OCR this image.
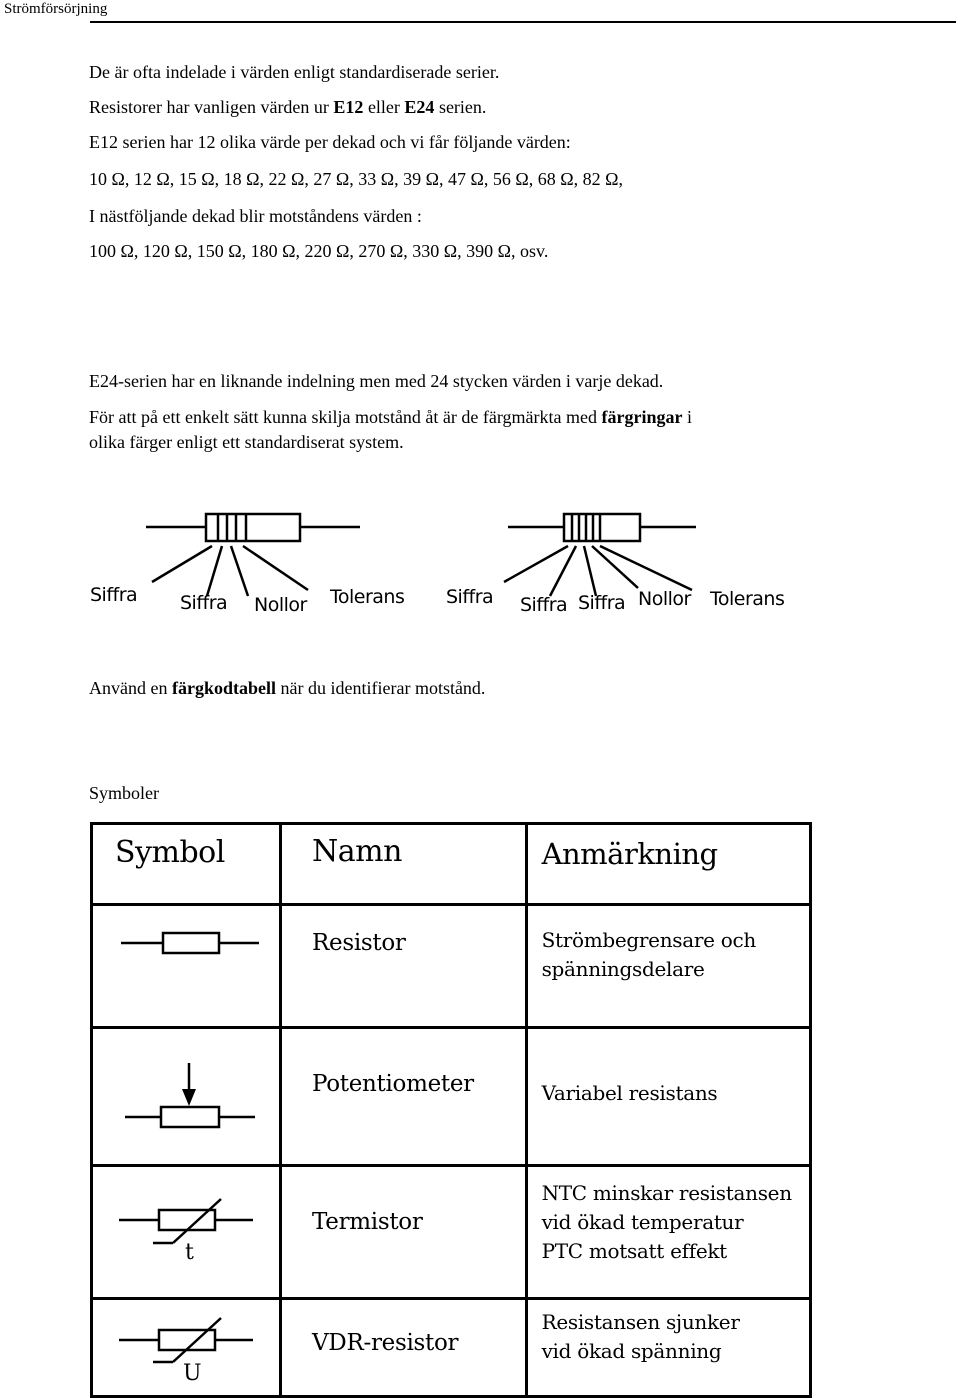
Strömförsörjning
De är ofta indelade i värden enligt standardiserade serier.
Resistorer har vanligen värden ur E12 eller E24 serien.
E12 serien har 12 olika värde per dekad och vi får följande värden:
10 Ω, 12 Ω, 15 Ω, 18 Ω, 22 Ω, 27 Ω, 33 Ω, 39 Ω, 47 Ω, 56 Ω, 68 Ω, 82 Ω,
I nästföljande dekad blir motståndens värden :
100 Ω, 120 Ω, 150 Ω, 180 Ω, 220 Ω, 270 Ω, 330 Ω, 390 Ω, osv.
E24-serien har en liknande indelning men med 24 stycken värden i varje dekad.
För att på ett enkelt sätt kunna skilja motstånd åt är de färgmärkta med färgringar i
olika färger enligt ett standardiserat system.
Siffra Siffra Nollor Tolerans Siffra Siffra Siffra Nollor Tolerans
Använd en färgkodtabell när du identifierar motstånd.
Symboler
Symbol	Namn	Anmärkning

Resistor	Strömbegrensare och
spänningsdelare

Potentiometer	Variabel resistans

t	Termistor	NTC minskar resistansen
vid ökad temperatur
PTC motsatt effekt

U	VDR-resistor	Resistansen sjunker
vid ökad spänning
